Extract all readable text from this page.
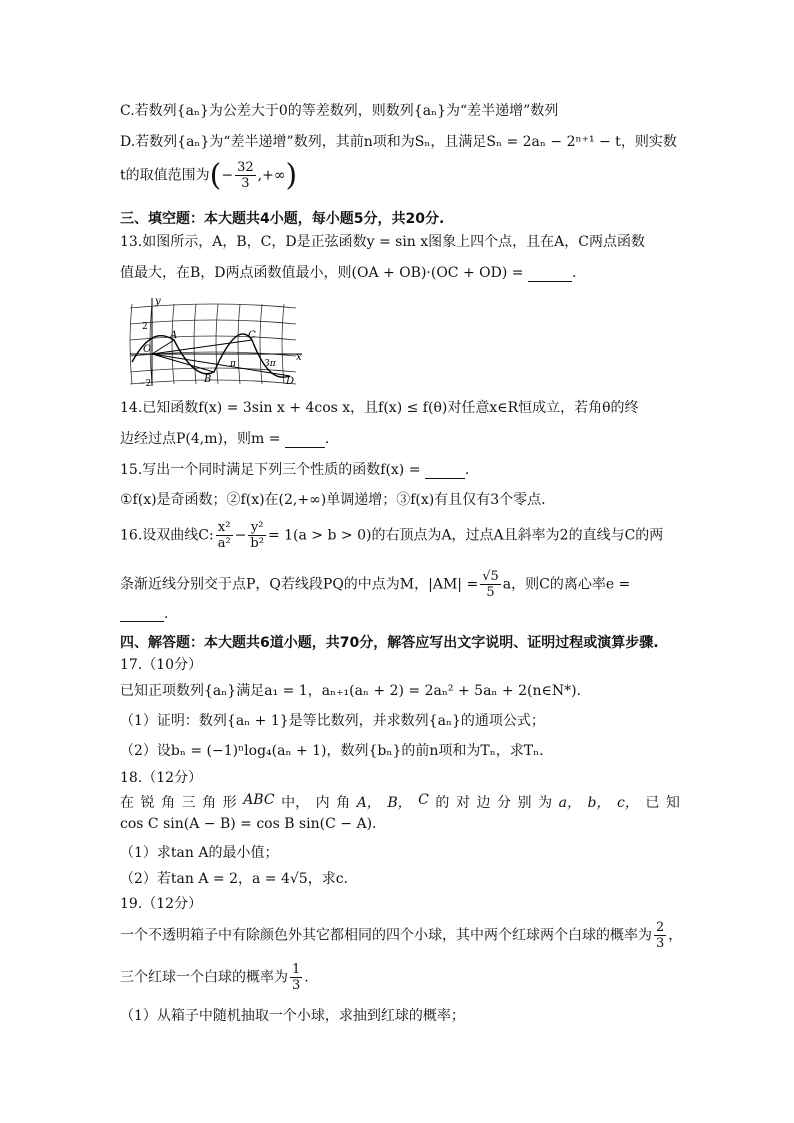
C.若数列{aₙ}为公差大于0的等差数列，则数列{aₙ}为“差半递增”数列
D.若数列{aₙ}为“差半递增”数列，其前n项和为Sₙ，且满足Sₙ = 2aₙ − 2ⁿ⁺¹ − t，则实数
t的取值范围为(− $\frac{32}{3}$ ,+∞)
三、填空题：本大题共4小题，每小题5分，共20分.
13.如图所示，A，B，C，D是正弦函数y = sin x图象上四个点，且在A，C两点函数
值最大，在B，D两点函数值最小，则(OA + OB)·(OC + OD) =	.
y
x
O
2
−2
A
B
C
D
π	3π
14.已知函数f(x) = 3sin x + 4cos x，且f(x) ≤ f(θ)对任意x∈R恒成立，若角θ的终
边经过点P(4,m)，则m =	.
15.写出一个同时满足下列三个性质的函数f(x) =	.
①f(x)是奇函数；②f(x)在(2,+∞)单调递增；③f(x)有且仅有3个零点.
16.设双曲线C: $\frac{\text{x²}}{\text{a²}} - \frac{\text{y²}}{\text{b²}} = 1(a > b > 0)$的右顶点为A，过点A且斜率为2的直线与C的两
条渐近线分别交于点P，Q若线段PQ的中点为M，$|AM| = \frac{√5}{5}$ a，则C的离心率e =
.
四、解答题：本大题共6道小题，共70分，解答应写出文字说明、证明过程或演算步骤.
17.（10分）
已知正项数列{aₙ}满足a₁ = 1，aₙ₊₁(aₙ + 2) = 2aₙ² + 5aₙ + 2(n∈N*).
（1）证明：数列{aₙ + 1}是等比数列，并求数列{aₙ}的通项公式；
（2）设bₙ = (−1)ⁿlog₄(aₙ + 1)，数列{bₙ}的前n项和为Tₙ，求Tₙ.
18.（12分）
在 锐 角 三 角 形 ABC 中， 内 角 A， B， C 的 对 边 分 别 为 a， b， c， 已 知
cos C sin(A − B) = cos B sin(C − A).
（1）求tan A的最小值；
（2）若tan A = 2，a = 4√5，求c.
19.（12分）
一个不透明箱子中有除颜色外其它都相同的四个小球，其中两个红球两个白球的概率为 $\frac{2}{3}$ ，
三个红球一个白球的概率为 $\frac{1}{3}$ .
（1）从箱子中随机抽取一个小球，求抽到红球的概率；
